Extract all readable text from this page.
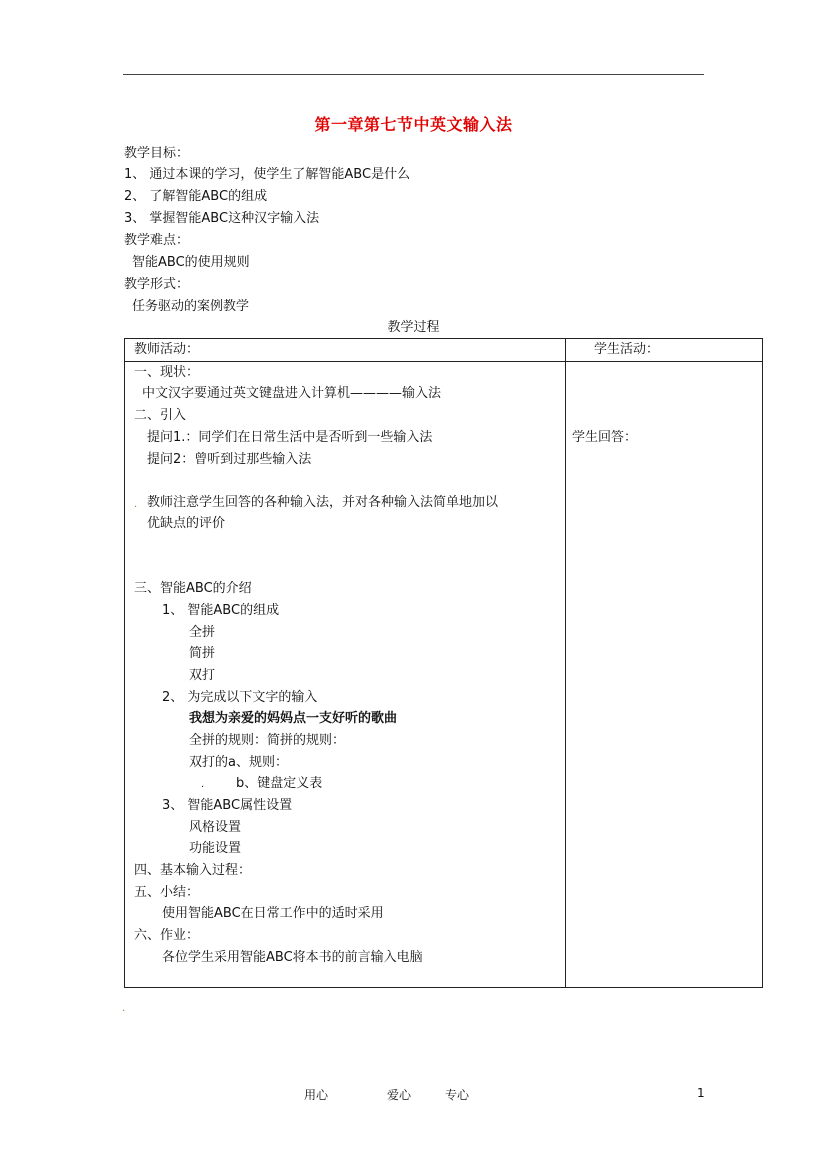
第一章第七节中英文输入法
教学目标：
1、 通过本课的学习，使学生了解智能ABC是什么
2、 了解智能ABC的组成
3、 掌握智能ABC这种汉字输入法
教学难点：
智能ABC的使用规则
教学形式：
任务驱动的案例教学
教学过程
教师活动：	学生活动：
一、现状：
中文汉字要通过英文键盘进入计算机————输入法
二、引入
提问1.：同学们在日常生活中是否听到一些输入法
提问2：曾听到过那些输入法
. 教师注意学生回答的各种输入法，并对各种输入法简单地加以
优缺点的评价
三、智能ABC的介绍
1、 智能ABC的组成
全拼
简拼
双打
2、 为完成以下文字的输入
我想为亲爱的妈妈点一支好听的歌曲
全拼的规则：简拼的规则：
双打的a、规则：
. b、键盘定义表
3、 智能ABC属性设置
风格设置
功能设置
四、基本输入过程：
五、小结：
使用智能ABC在日常工作中的适时采用
六、作业：
各位学生采用智能ABC将本书的前言输入电脑
学生回答：
.
用心	爱心	专心	1
